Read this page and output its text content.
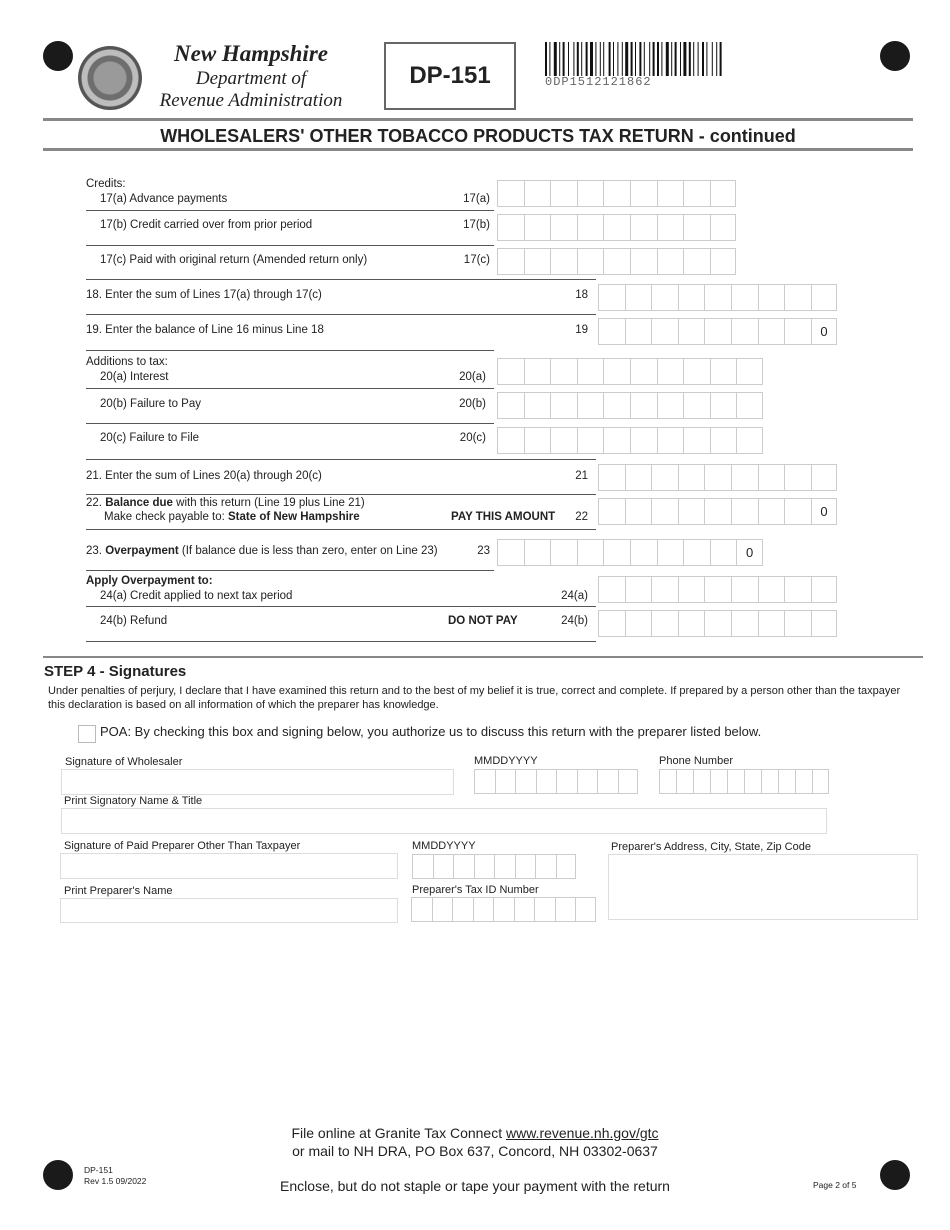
New Hampshire
Department of
Revenue Administration
DP-151	0DP1512121862
WHOLESALERS' OTHER TOBACCO PRODUCTS TAX RETURN - continued
Credits:
17(a) Advance payments	17(a)
17(b) Credit carried over from prior period	17(b)
17(c) Paid with original return (Amended return only)	17(c)
18. Enter the sum of Lines 17(a) through 17(c)	18
19. Enter the balance of Line 16 minus Line 18	19	0
Additions to tax:
20(a) Interest	20(a)
20(b) Failure to Pay	20(b)
20(c) Failure to File	20(c)
21. Enter the sum of Lines 20(a) through 20(c)	21
22. Balance due with this return (Line 19 plus Line 21)
Make check payable to: State of New Hampshire	PAY THIS AMOUNT	22	0
23. Overpayment (If balance due is less than zero, enter on Line 23)	23	0
Apply Overpayment to:
24(a) Credit applied to next tax period	24(a)
24(b) Refund	DO NOT PAY	24(b)
STEP 4 - Signatures
Under penalties of perjury, I declare that I have examined this return and to the best of my belief it is true, correct and complete. If prepared by a person other than the taxpayer this declaration is based on all information of which the preparer has knowledge.
POA: By checking this box and signing below, you authorize us to discuss this return with the preparer listed below.
Signature of Wholesaler	MMDDYYYY	Phone Number
Print Signatory Name & Title
Signature of Paid Preparer Other Than Taxpayer	MMDDYYYY	Preparer's Address, City, State, Zip Code
Print Preparer's Name	Preparer's Tax ID Number
File online at Granite Tax Connect www.revenue.nh.gov/gtc
or mail to NH DRA, PO Box 637, Concord, NH 03302-0637
Enclose, but do not staple or tape your payment with the return
DP-151
Rev 1.5 09/2022	Page 2 of 5
